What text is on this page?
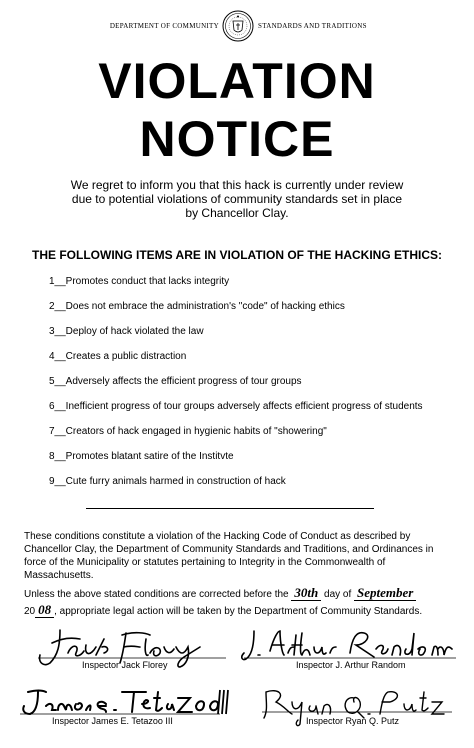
DEPARTMENT OF COMMUNITY	STANDARDS AND TRADITIONS
VIOLATION
NOTICE
We regret to inform you that this hack is currently under review due to potential violations of community standards set in place by Chancellor Clay.
THE FOLLOWING ITEMS ARE IN VIOLATION OF THE HACKING ETHICS:
1__Promotes conduct that lacks integrity
2__Does not embrace the administration's "code" of hacking ethics
3__Deploy of hack violated the law
4__Creates a public distraction
5__Adversely affects the efficient progress of tour groups
6__Inefficient progress of tour groups adversely affects efficient progress of students
7__Creators of hack engaged in hygienic habits of "showering"
8__Promotes blatant satire of the Institvte
9__Cute furry animals harmed in construction of hack
These conditions constitute a violation of the Hacking Code of Conduct as described by Chancellor Clay, the Department of Community Standards and Traditions, and Ordinances in force of the Municipality or statutes pertaining to Integrity in the Commonwealth of Massachusetts.
Unless the above stated conditions are corrected before the 30th day of September
20 08 , appropriate legal action will be taken by the Department of Community Standards.
Inspector Jack Florey	Inspector J. Arthur Random
Inspector James E. Tetazoo III	Inspector Ryan Q. Putz
